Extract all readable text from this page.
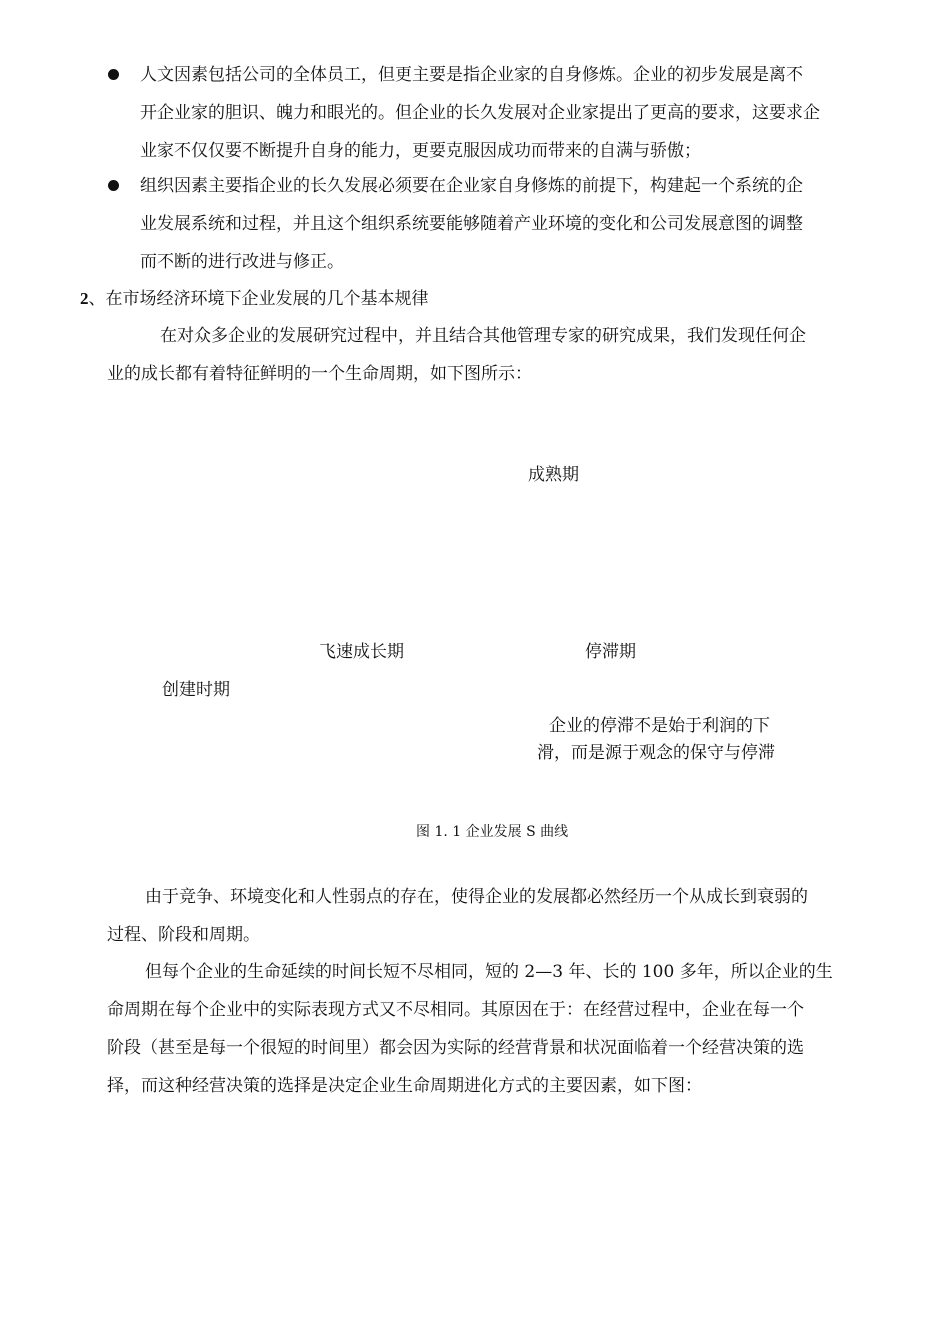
人文因素包括公司的全体员工，但更主要是指企业家的自身修炼。企业的初步发展是离不
开企业家的胆识、魄力和眼光的。但企业的长久发展对企业家提出了更高的要求，这要求企
业家不仅仅要不断提升自身的能力，更要克服因成功而带来的自满与骄傲；
组织因素主要指企业的长久发展必须要在企业家自身修炼的前提下，构建起一个系统的企
业发展系统和过程，并且这个组织系统要能够随着产业环境的变化和公司发展意图的调整
而不断的进行改进与修正。
2、在市场经济环境下企业发展的几个基本规律
在对众多企业的发展研究过程中，并且结合其他管理专家的研究成果，我们发现任何企
业的成长都有着特征鲜明的一个生命周期，如下图所示：
成熟期
飞速成长期	停滞期
创建时期
企业的停滞不是始于利润的下
滑，而是源于观念的保守与停滞
图 1. 1 企业发展 S 曲线
由于竞争、环境变化和人性弱点的存在，使得企业的发展都必然经历一个从成长到衰弱的
过程、阶段和周期。
但每个企业的生命延续的时间长短不尽相同，短的 2—3 年、长的 100 多年，所以企业的生
命周期在每个企业中的实际表现方式又不尽相同。其原因在于：在经营过程中，企业在每一个
阶段（甚至是每一个很短的时间里）都会因为实际的经营背景和状况面临着一个经营决策的选
择，而这种经营决策的选择是决定企业生命周期进化方式的主要因素，如下图：
